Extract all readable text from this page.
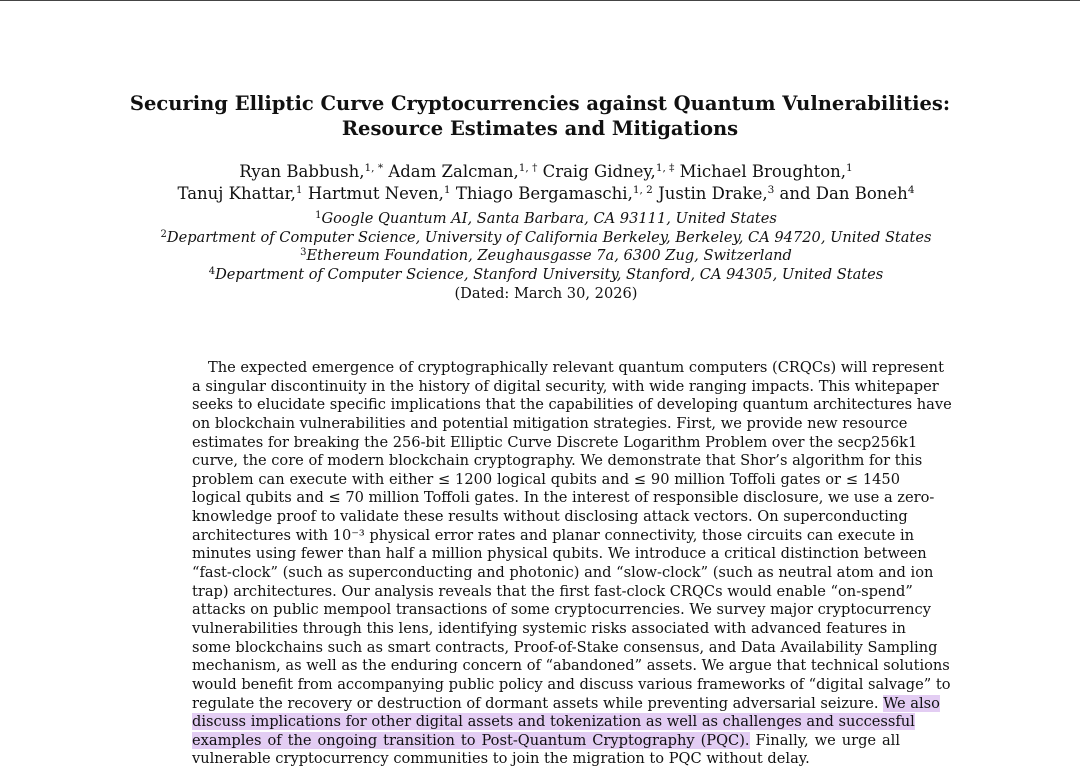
Securing Elliptic Curve Cryptocurrencies against Quantum Vulnerabilities:
Resource Estimates and Mitigations
Ryan Babbush,$^{1, *}$ Adam Zalcman,$^{1, \dagger}$ Craig Gidney,$^{1, \ddagger}$ Michael Broughton,$^1$
Tanuj Khattar,$^1$ Hartmut Neven,$^1$ Thiago Bergamaschi,$^{1, 2}$ Justin Drake,$^3$ and Dan Boneh$^4$
$^1$Google Quantum AI, Santa Barbara, CA 93111, United States
$^2$Department of Computer Science, University of California Berkeley, Berkeley, CA 94720, United States
$^3$Ethereum Foundation, Zeughausgasse 7a, 6300 Zug, Switzerland
$^4$Department of Computer Science, Stanford University, Stanford, CA 94305, United States
(Dated: March 30, 2026)
The expected emergence of cryptographically relevant quantum computers (CRQCs) will represent
a singular discontinuity in the history of digital security, with wide ranging impacts. This whitepaper
seeks to elucidate specific implications that the capabilities of developing quantum architectures have
on blockchain vulnerabilities and potential mitigation strategies. First, we provide new resource
estimates for breaking the 256-bit Elliptic Curve Discrete Logarithm Problem over the secp256k1
curve, the core of modern blockchain cryptography. We demonstrate that Shor’s algorithm for this
problem can execute with either ≤ 1200 logical qubits and ≤ 90 million Toffoli gates or ≤ 1450
logical qubits and ≤ 70 million Toffoli gates. In the interest of responsible disclosure, we use a zero-
knowledge proof to validate these results without disclosing attack vectors. On superconducting
architectures with 10⁻³ physical error rates and planar connectivity, those circuits can execute in
minutes using fewer than half a million physical qubits. We introduce a critical distinction between
“fast-clock” (such as superconducting and photonic) and “slow-clock” (such as neutral atom and ion
trap) architectures. Our analysis reveals that the first fast-clock CRQCs would enable “on-spend”
attacks on public mempool transactions of some cryptocurrencies. We survey major cryptocurrency
vulnerabilities through this lens, identifying systemic risks associated with advanced features in
some blockchains such as smart contracts, Proof-of-Stake consensus, and Data Availability Sampling
mechanism, as well as the enduring concern of “abandoned” assets. We argue that technical solutions
would benefit from accompanying public policy and discuss various frameworks of “digital salvage” to
regulate the recovery or destruction of dormant assets while preventing adversarial seizure. We also
discuss implications for other digital assets and tokenization as well as challenges and successful
examples of the ongoing transition to Post-Quantum Cryptography (PQC). Finally, we urge all
vulnerable cryptocurrency communities to join the migration to PQC without delay.
